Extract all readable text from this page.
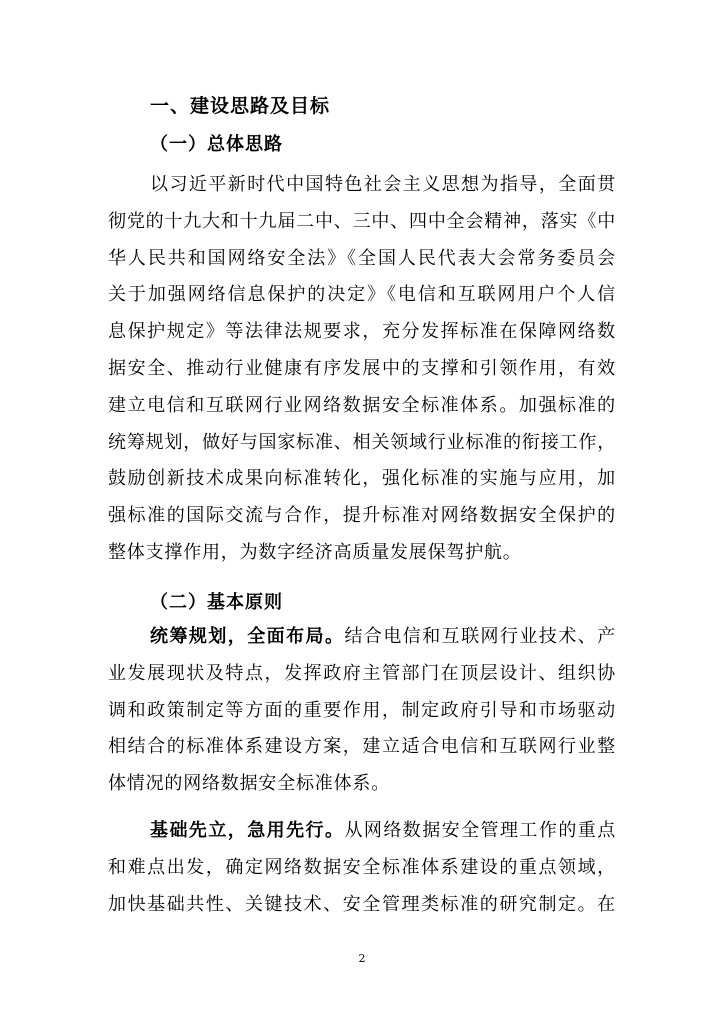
一、建设思路及目标
（一）总体思路
以习近平新时代中国特色社会主义思想为指导，全面贯
彻党的十九大和十九届二中、三中、四中全会精神，落实《中
华人民共和国网络安全法》《全国人民代表大会常务委员会
关于加强网络信息保护的决定》《电信和互联网用户个人信
息保护规定》等法律法规要求，充分发挥标准在保障网络数
据安全、推动行业健康有序发展中的支撑和引领作用，有效
建立电信和互联网行业网络数据安全标准体系。加强标准的
统筹规划，做好与国家标准、相关领域行业标准的衔接工作，
鼓励创新技术成果向标准转化，强化标准的实施与应用，加
强标准的国际交流与合作，提升标准对网络数据安全保护的
整体支撑作用，为数字经济高质量发展保驾护航。
（二）基本原则
统筹规划，全面布局。结合电信和互联网行业技术、产
业发展现状及特点，发挥政府主管部门在顶层设计、组织协
调和政策制定等方面的重要作用，制定政府引导和市场驱动
相结合的标准体系建设方案，建立适合电信和互联网行业整
体情况的网络数据安全标准体系。
基础先立，急用先行。从网络数据安全管理工作的重点
和难点出发，确定网络数据安全标准体系建设的重点领域，
加快基础共性、关键技术、安全管理类标准的研究制定。在
2
